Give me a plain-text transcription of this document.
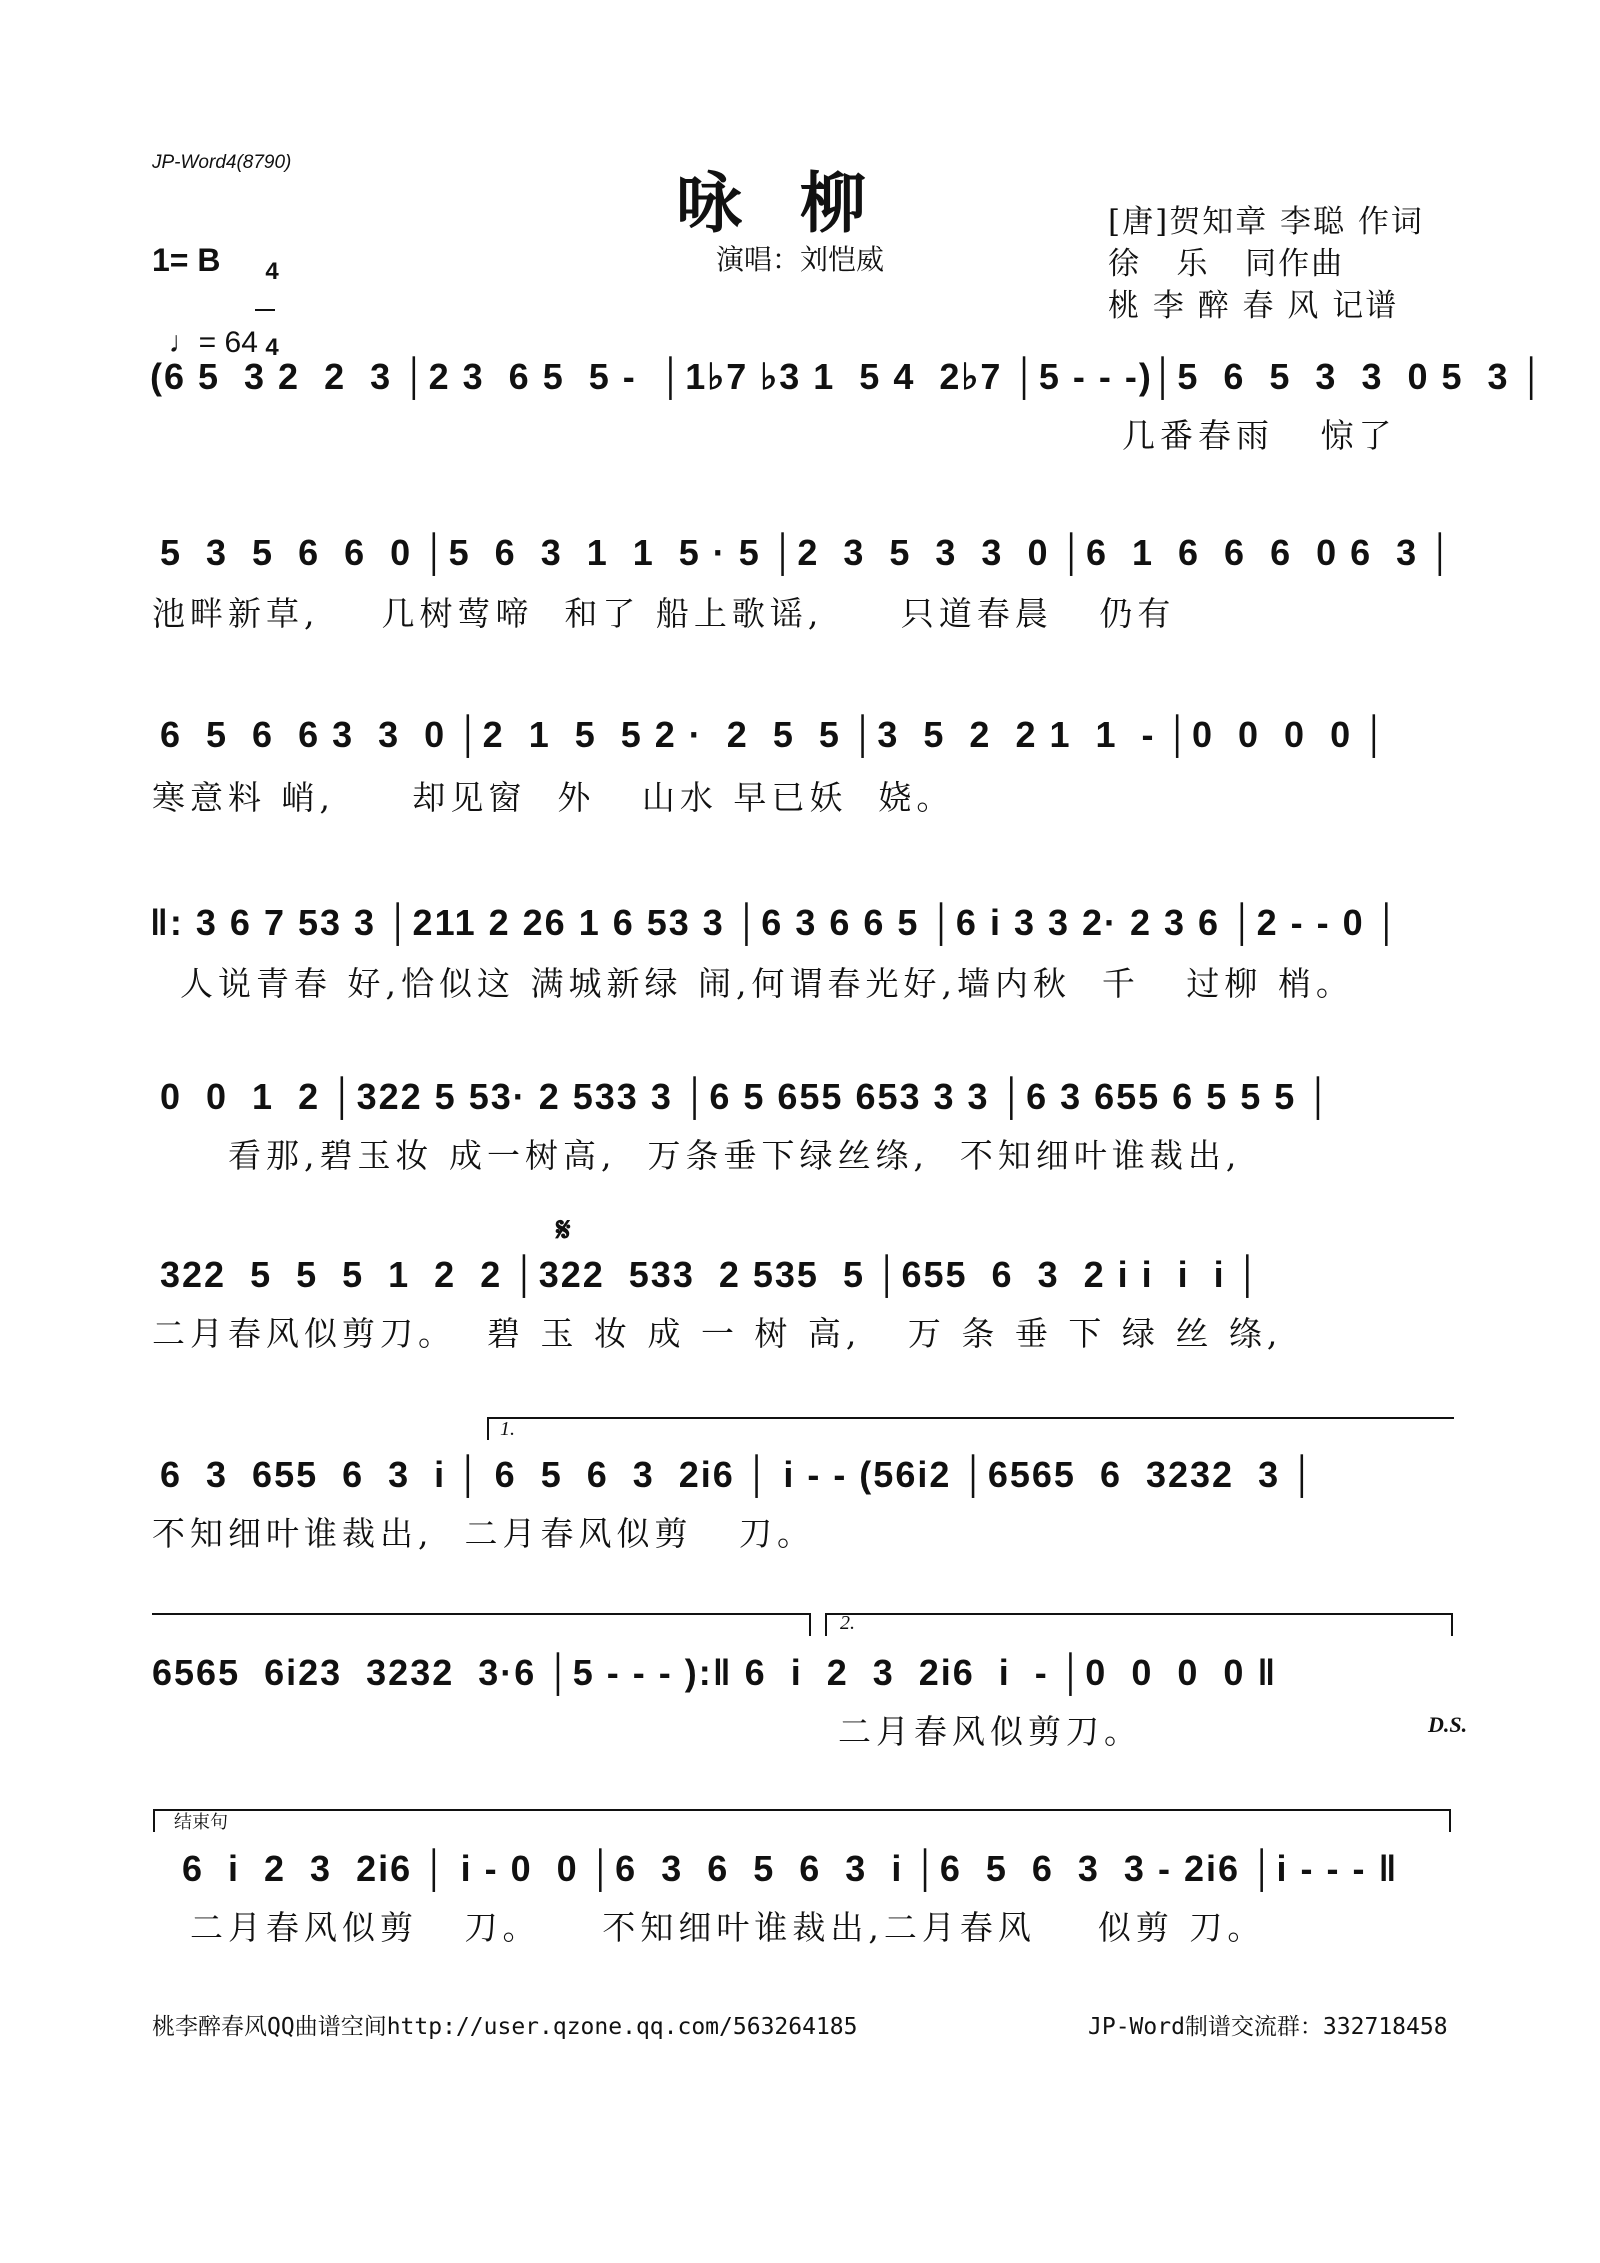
JP-Word4(8790)
咏柳
演唱：刘恺威
[唐]贺知章 李聪 作词
徐   乐   同作曲
桃 李 醉 春 风 记谱
1= B	4

4

♩= 64

(6 5  3 2  2  3 │2 3  6 5  5 -  │1♭7 ♭3 1  5 4  2♭7 │5 - - -)│5  6  5  3  3  0 5  3 │
几番春雨   惊了
5  3  5  6  6  0 │5  6  3  1  1  5 · 5 │2  3  5  3  3  0 │6  1  6  6  6  0 6  3 │
池畔新草,    几树莺啼  和了 船上歌谣,     只道春晨   仍有
6  5  6  6 3  3  0 │2  1  5  5 2 ·  2  5  5 │3  5  2  2 1  1  - │0  0  0  0 │
寒意料 峭,     却见窗  外   山水 早已妖  娆。
‖: 3 6 7 53 3 │211 2 26 1 6 53 3 │6 3 6 6 5 │6 i 3 3 2· 2 3 6 │2 - - 0 │
人说青春 好,恰似这 满城新绿 闹,何谓春光好,墙内秋  千   过柳 梢。
0  0  1  2 │322 5 53· 2 533 3 │6 5 655 653 3 3 │6 3 655 6 5 5 5 │
看那,碧玉妆 成一树高,  万条垂下绿丝绦,  不知细叶谁裁出,
𝄋
322  5  5  5  1  2  2 │322  533  2 535  5 │655  6  3  2 i i  i  i │
二月春风似剪刀。  碧 玉 妆 成 一 树 高,   万 条 垂 下 绿 丝 绦,
1.
6  3  655  6  3  i │ 6  5  6  3  2i6 │ i - - (56i2 │6565  6  3232  3 │
不知细叶谁裁出,  二月春风似剪   刀。
2.
6565  6i23  3232  3·6 │5 - - - ):‖ 6  i  2  3  2i6  i  - │0  0  0  0 ‖
二月春风似剪刀。	D.S.
结束句
6  i  2  3  2i6 │ i - 0  0 │6  3  6  5  6  3  i │6  5  6  3  3 - 2i6 │i - - - ‖
二月春风似剪   刀。    不知细叶谁裁出,二月春风    似剪 刀。
桃李醉春风QQ曲谱空间http://user.qzone.qq.com/563264185	JP-Word制谱交流群：332718458
